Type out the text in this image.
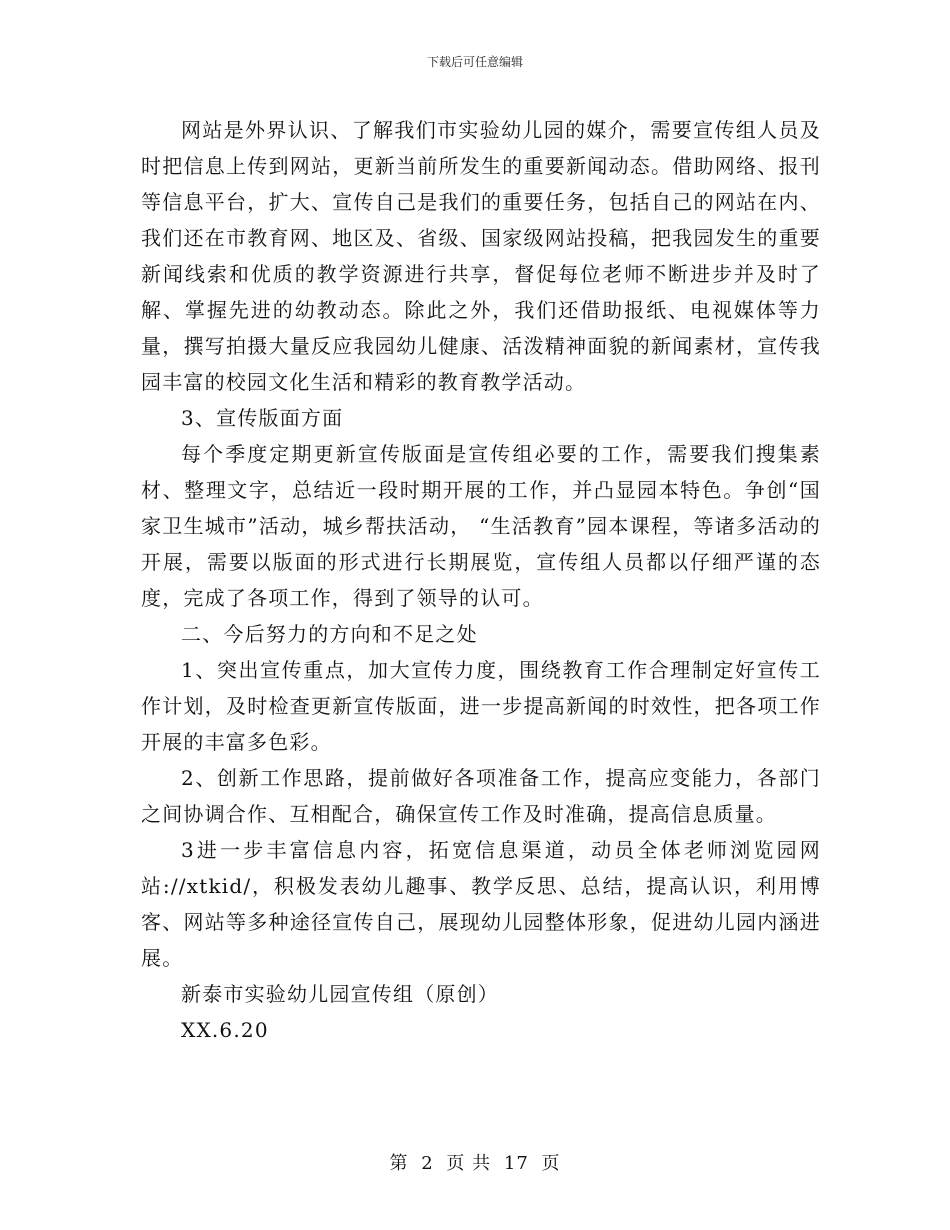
下载后可任意编辑

网站是外界认识、了解我们市实验幼儿园的媒介，需要宣传组人员及时把信息上传到网站，更新当前所发生的重要新闻动态。借助网络、报刊等信息平台，扩大、宣传自己是我们的重要任务，包括自己的网站在内、我们还在市教育网、地区及、省级、国家级网站投稿，把我园发生的重要新闻线索和优质的教学资源进行共享，督促每位老师不断进步并及时了解、掌握先进的幼教动态。除此之外，我们还借助报纸、电视媒体等力量，撰写拍摄大量反应我园幼儿健康、活泼精神面貌的新闻素材，宣传我园丰富的校园文化生活和精彩的教育教学活动。

3、宣传版面方面

每个季度定期更新宣传版面是宣传组必要的工作，需要我们搜集素材、整理文字，总结近一段时期开展的工作，并凸显园本特色。争创“国家卫生城市”活动，城乡帮扶活动， “生活教育”园本课程，等诸多活动的开展，需要以版面的形式进行长期展览，宣传组人员都以仔细严谨的态度，完成了各项工作，得到了领导的认可。

二、今后努力的方向和不足之处

1、突出宣传重点，加大宣传力度，围绕教育工作合理制定好宣传工作计划，及时检查更新宣传版面，进一步提高新闻的时效性，把各项工作开展的丰富多色彩。

2、创新工作思路，提前做好各项准备工作，提高应变能力，各部门之间协调合作、互相配合，确保宣传工作及时准确，提高信息质量。

3进一步丰富信息内容，拓宽信息渠道，动员全体老师浏览园网站://xtkid/，积极发表幼儿趣事、教学反思、总结，提高认识，利用博客、网站等多种途径宣传自己，展现幼儿园整体形象，促进幼儿园内涵进展。

新泰市实验幼儿园宣传组（原创）

XX.6.20

第 2 页 共 17 页
